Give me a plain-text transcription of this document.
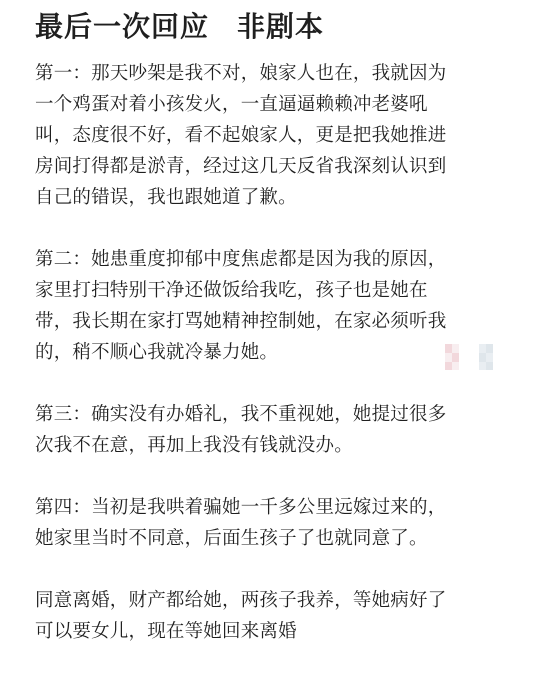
最后一次回应 非剧本

第一：那天吵架是我不对，娘家人也在，我就因为
一个鸡蛋对着小孩发火，一直逼逼赖赖冲老婆吼
叫，态度很不好，看不起娘家人，更是把我她推进
房间打得都是淤青，经过这几天反省我深刻认识到
自己的错误，我也跟她道了歉。

第二：她患重度抑郁中度焦虑都是因为我的原因，
家里打扫特别干净还做饭给我吃，孩子也是她在
带，我长期在家打骂她精神控制她，在家必须听我
的，稍不顺心我就冷暴力她。

第三：确实没有办婚礼，我不重视她，她提过很多
次我不在意，再加上我没有钱就没办。

第四：当初是我哄着骗她一千多公里远嫁过来的，
她家里当时不同意，后面生孩子了也就同意了。

同意离婚，财产都给她，两孩子我养，等她病好了
可以要女儿，现在等她回来离婚
